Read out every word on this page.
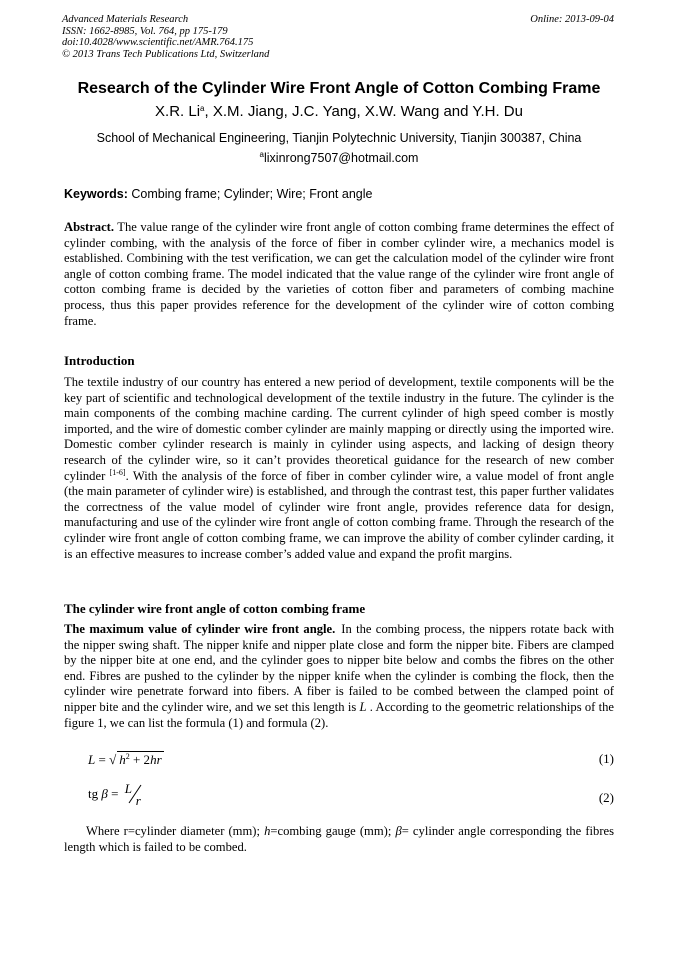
Advanced Materials Research
ISSN: 1662-8985, Vol. 764, pp 175-179
doi:10.4028/www.scientific.net/AMR.764.175
© 2013 Trans Tech Publications Ltd, Switzerland
Online: 2013-09-04
Research of the Cylinder Wire Front Angle of Cotton Combing Frame
X.R. Li$^a$, X.M. Jiang, J.C. Yang, X.W. Wang and Y.H. Du
School of Mechanical Engineering, Tianjin Polytechnic University, Tianjin 300387, China
$^a$lixinrong7507@hotmail.com
Keywords: Combing frame; Cylinder; Wire; Front angle

Abstract. The value range of the cylinder wire front angle of cotton combing frame determines the effect of cylinder combing, with the analysis of the force of fiber in comber cylinder wire, a mechanics model is established. Combining with the test verification, we can get the calculation model of the cylinder wire front angle of cotton combing frame. The model indicated that the value range of the cylinder wire front angle of cotton combing frame is decided by the varieties of cotton fiber and parameters of combing machine process, thus this paper provides reference for the development of the cylinder wire of cotton combing frame.

Introduction

The textile industry of our country has entered a new period of development, textile components will be the key part of scientific and technological development of the textile industry in the future. The cylinder is the main components of the combing machine carding. The current cylinder of high speed comber is mostly imported, and the wire of domestic comber cylinder are mainly mapping or directly using the imported wire. Domestic comber cylinder research is mainly in cylinder using aspects, and lacking of design theory research of the cylinder wire, so it can’t provides theoretical guidance for the research of new comber cylinder [1-6]. With the analysis of the force of fiber in comber cylinder wire, a value model of front angle (the main parameter of cylinder wire) is established, and through the contrast test, this paper further validates the correctness of the value model of cylinder wire front angle, provides reference data for design, manufacturing and use of the cylinder wire front angle of cotton combing frame. Through the research of the cylinder wire front angle of cotton combing frame, we can improve the ability of comber cylinder carding, it is an effective measures to increase comber’s added value and expand the profit margins.

The cylinder wire front angle of cotton combing frame

The maximum value of cylinder wire front angle. In the combing process, the nippers rotate back with the nipper swing shaft. The nipper knife and nipper plate close and form the nipper bite. Fibers are clamped by the nipper bite at one end, and the cylinder goes to nipper bite below and combs the fibres on the other end. Fibres are pushed to the cylinder by the nipper knife when the cylinder is combing the flock, then the cylinder wire penetrate forward into fibers. A fiber is failed to be combed between the clamped point of nipper bite and the cylinder wire, and we set this length is L . According to the geometric relationships of the figure 1, we can list the formula (1) and formula (2).

L = √ $h^2 + 2hr$	(1)
tg β = L
r	(2)

Where r=cylinder diameter (mm); h=combing gauge (mm); β= cylinder angle corresponding the fibres length which is failed to be combed.
